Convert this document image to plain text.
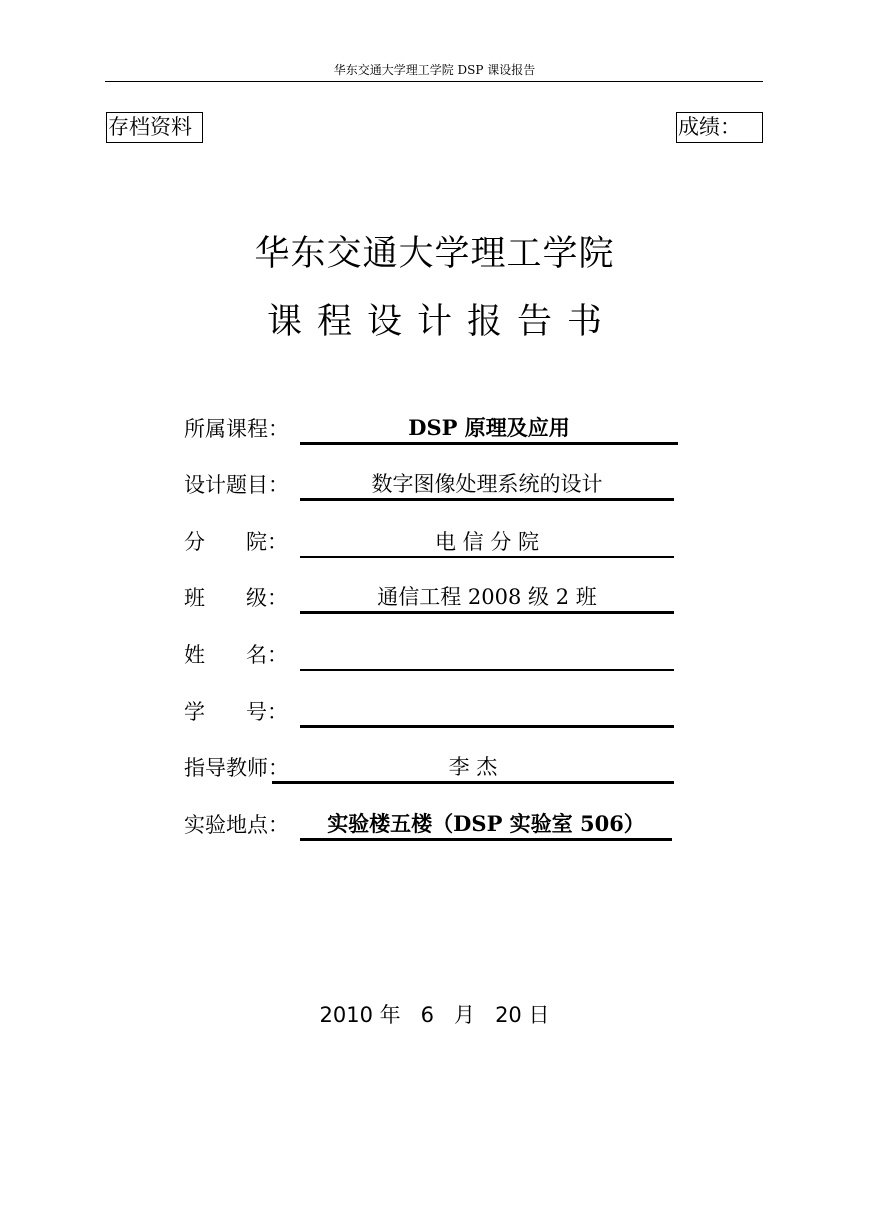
华东交通大学理工学院 DSP 课设报告
存档资料	成绩：
华东交通大学理工学院
课程设计报告书
所属课程：	DSP 原理及应用
设计题目：	数字图像处理系统的设计
分 院：	电 信 分 院
班 级：	通信工程 2008 级 2 班
姓 名：
学 号：
指导教师：	李 杰
实验地点：	实验楼五楼（DSP 实验室 506）
2010 年   6   月   20 日
